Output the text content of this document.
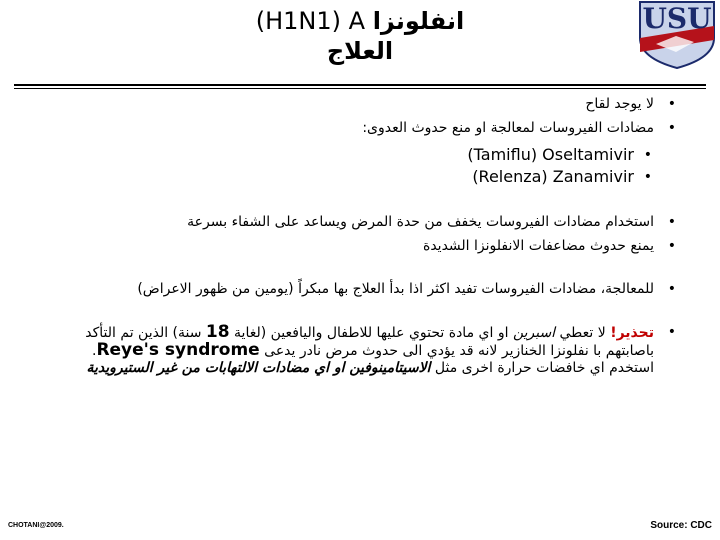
(H1N1) A انفلونزا
العلاج
USU

•
لا يوجد لقاح

•
مضادات الفيروسات لمعالجة او منع حدوث العدوى:

•
(Tamiflu) Oseltamivir
•
(Relenza) Zanamivir

•
استخدام مضادات الفيروسات يخفف من حدة المرض ويساعد على الشفاء بسرعة

•
يمنع حدوث مضاعفات الانفلونزا الشديدة

•
للمعالجة، مضادات الفيروسات تفيد اكثر اذا بدأ العلاج بها مبكراً (يومين من ظهور الاعراض)

•
تحذير! لا تعطي اسبرين او اي مادة تحتوي عليها للاطفال واليافعين (لغاية 18 سنة) الذين تم التأكد باصابتهم با نفلونزا الخنازير لانه قد يؤدي الى حدوث مرض نادر يدعى Reye's syndrome. استخدم اي خافضات حرارة اخرى مثل الاسيتامينوفين او اي مضادات الالتهابات من غير الستيرويدية

CHOTANI@2009.	Source: CDC
